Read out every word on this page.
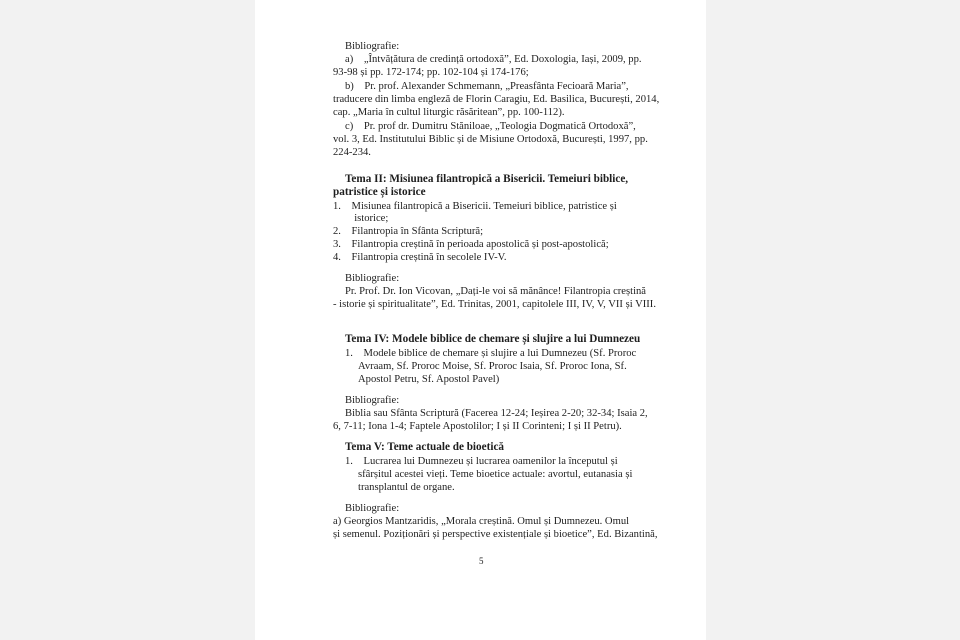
Bibliografie:
a) „Întvățătura de credință ortodoxă”, Ed. Doxologia, Iași, 2009, pp.
93-98 și pp. 172-174; pp. 102-104 și 174-176;
b) Pr. prof. Alexander Schmemann, „Preasfânta Fecioară Maria”,
traducere din limba engleză de Florin Caragiu, Ed. Basilica, București, 2014,
cap. „Maria în cultul liturgic răsăritean”, pp. 100-112).
c) Pr. prof dr. Dumitru Stăniloae, „Teologia Dogmatică Ortodoxă”,
vol. 3, Ed. Institutului Biblic și de Misiune Ortodoxă, București, 1997, pp.
224-234.
Tema II: Misiunea filantropică a Bisericii. Temeiuri biblice,
patristice și istorice
1. Misiunea filantropică a Bisericii. Temeiuri biblice, patristice și
  istorice;
2. Filantropia în Sfânta Scriptură;
3. Filantropia creștină în perioada apostolică și post-apostolică;
4. Filantropia creștină în secolele IV-V.
Bibliografie:
Pr. Prof. Dr. Ion Vicovan, „Dați-le voi să mănânce! Filantropia creștină
- istorie și spiritualitate”, Ed. Trinitas, 2001, capitolele III, IV, V, VII și VIII.
Tema IV: Modele biblice de chemare și slujire a lui Dumnezeu
1. Modele biblice de chemare și slujire a lui Dumnezeu (Sf. Proroc
Avraam, Sf. Proroc Moise, Sf. Proroc Isaia, Sf. Proroc Iona, Sf.
Apostol Petru, Sf. Apostol Pavel)
Bibliografie:
Biblia sau Sfânta Scriptură (Facerea 12-24; Ieșirea 2-20; 32-34; Isaia 2,
6, 7-11; Iona 1-4; Faptele Apostolilor; I și II Corinteni; I și II Petru).
Tema V: Teme actuale de bioetică
1. Lucrarea lui Dumnezeu și lucrarea oamenilor la începutul și
sfârșitul acestei vieți. Teme bioetice actuale: avortul, eutanasia și
transplantul de organe.
Bibliografie:
a) Georgios Mantzaridis, „Morala creștină. Omul și Dumnezeu. Omul
și semenul. Poziționări și perspective existențiale și bioetice”, Ed. Bizantină,
5
